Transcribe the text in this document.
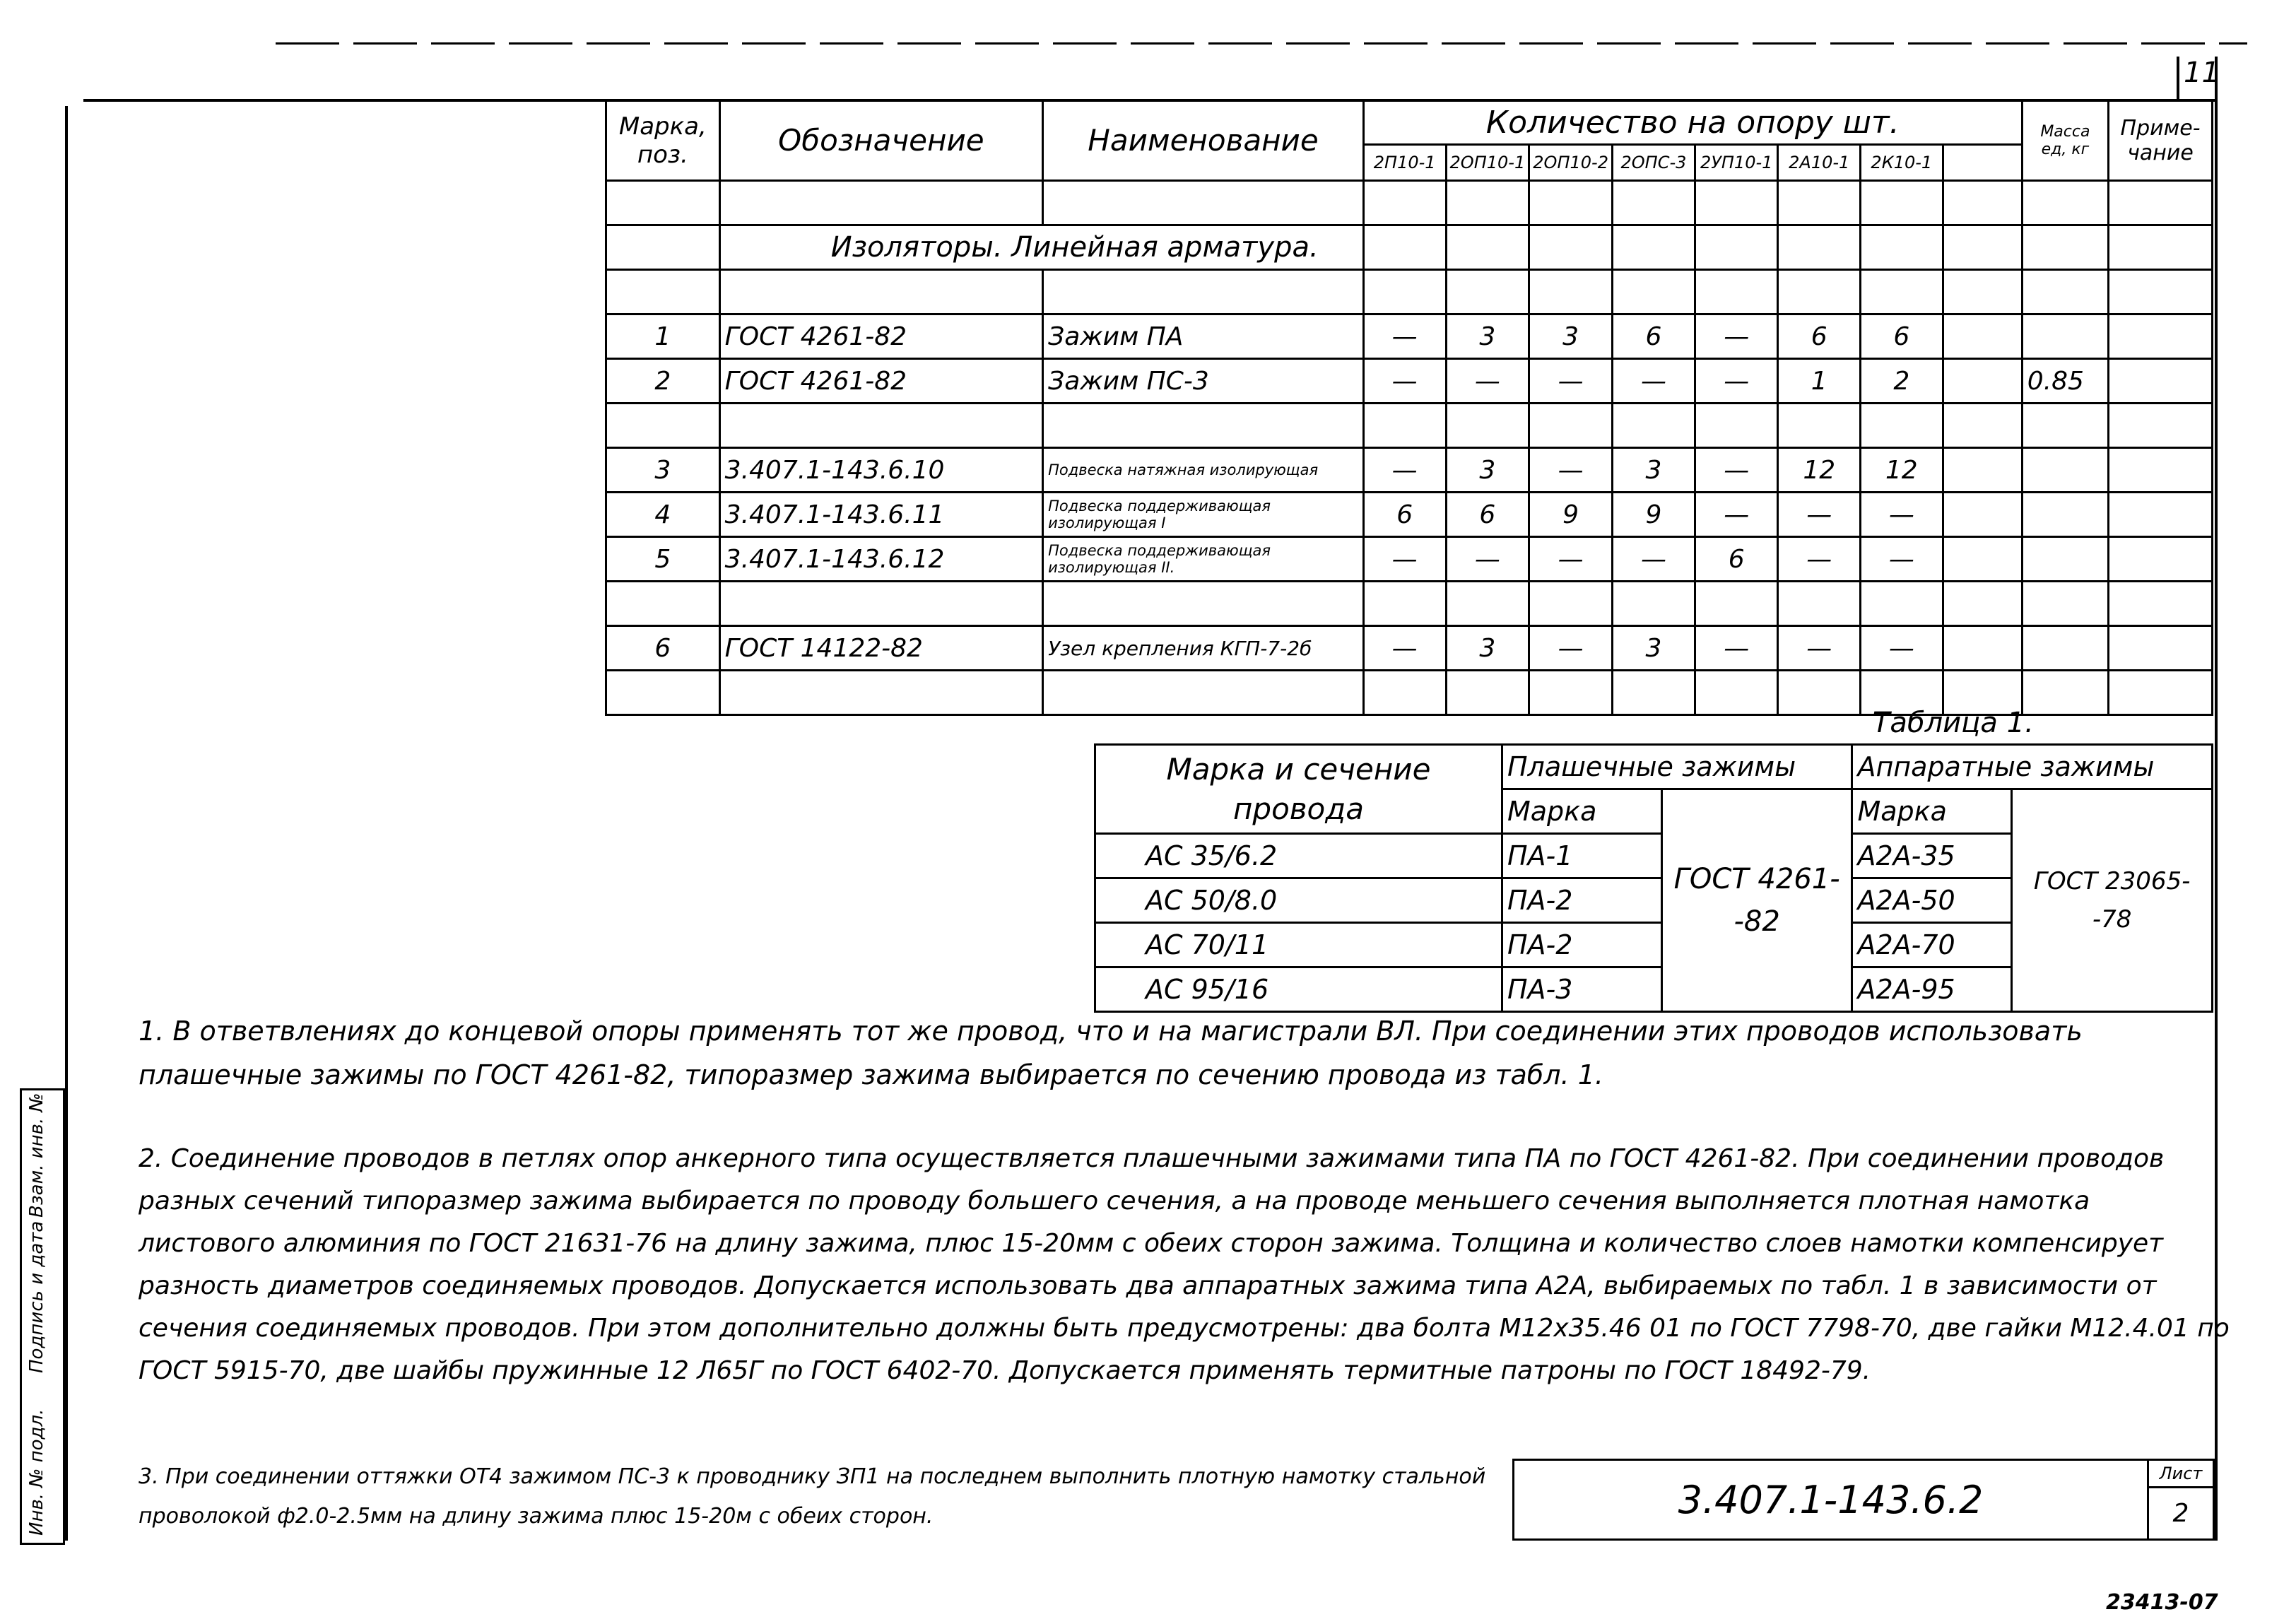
11
Инв. № подл.
Подпись и дата
Взам. инв. №
Марка, поз.	Обозначение	Наименование	Количество на опору шт.								Масса ед, кг	Приме-чание
			2П10-1	2ОП10-1	2ОП10-2	2ОПС-3	2УП10-1	2А10-1	2К10-1			

	Изоляторы. Линейная арматура.											

1	ГОСТ 4261-82	Зажим ПА	—	3	3	6	—	6	6			
2	ГОСТ 4261-82	Зажим ПС-3	—	—	—	—	—	1	2		0.85	

3	3.407.1-143.6.10	Подвеска натяжная изолирующая	—	3	—	3	—	12	12			
4	3.407.1-143.6.11	Подвеска поддерживающая изолирующая I	6	6	9	9	—	—	—			
5	3.407.1-143.6.12	Подвеска поддерживающая изолирующая II.	—	—	—	—	6	—	—			

6	ГОСТ 14122-82	Узел крепления КГП-7-2б	—	3	—	3	—	—	—			

Таблица 1.
Марка и сечение провода	Плашечные зажимы		Аппаратные зажимы	
	Марка	ГОСТ 4261--82	Марка	ГОСТ 23065--78
АС 35/6.2	ПА-1		А2А-35	
АС 50/8.0	ПА-2		А2А-50	
АС 70/11	ПА-2		А2А-70	
АС 95/16	ПА-3		А2А-95	
1. В ответвлениях до концевой опоры применять тот же провод, что и на магистрали ВЛ. При соединении этих проводов использовать плашечные зажимы по ГОСТ 4261-82, типоразмер зажима выбирается по сечению провода из табл. 1.
2. Соединение проводов в петлях опор анкерного типа осуществляется плашечными зажимами типа ПА по ГОСТ 4261-82. При соединении проводов разных сечений типоразмер зажима выбирается по проводу большего сечения, а на проводе меньшего сечения выполняется плотная намотка листового алюминия по ГОСТ 21631-76 на длину зажима, плюс 15-20мм с обеих сторон зажима. Толщина и количество слоев намотки компенсирует разность диаметров соединяемых проводов. Допускается использовать два аппаратных зажима типа А2А, выбираемых по табл. 1 в зависимости от сечения соединяемых проводов. При этом дополнительно должны быть предусмотрены: два болта М12х35.46 01 по ГОСТ 7798-70, две гайки М12.4.01 по ГОСТ 5915-70, две шайбы пружинные 12 Л65Г по ГОСТ 6402-70. Допускается применять термитные патроны по ГОСТ 18492-79.
3. При соединении оттяжки ОТ4 зажимом ПС-3 к проводнику ЗП1 на последнем выполнить плотную намотку стальной проволокой ф2.0-2.5мм на длину зажима плюс 15-20м с обеих сторон.	3.407.1-143.6.2	Лист
2
23413-07
